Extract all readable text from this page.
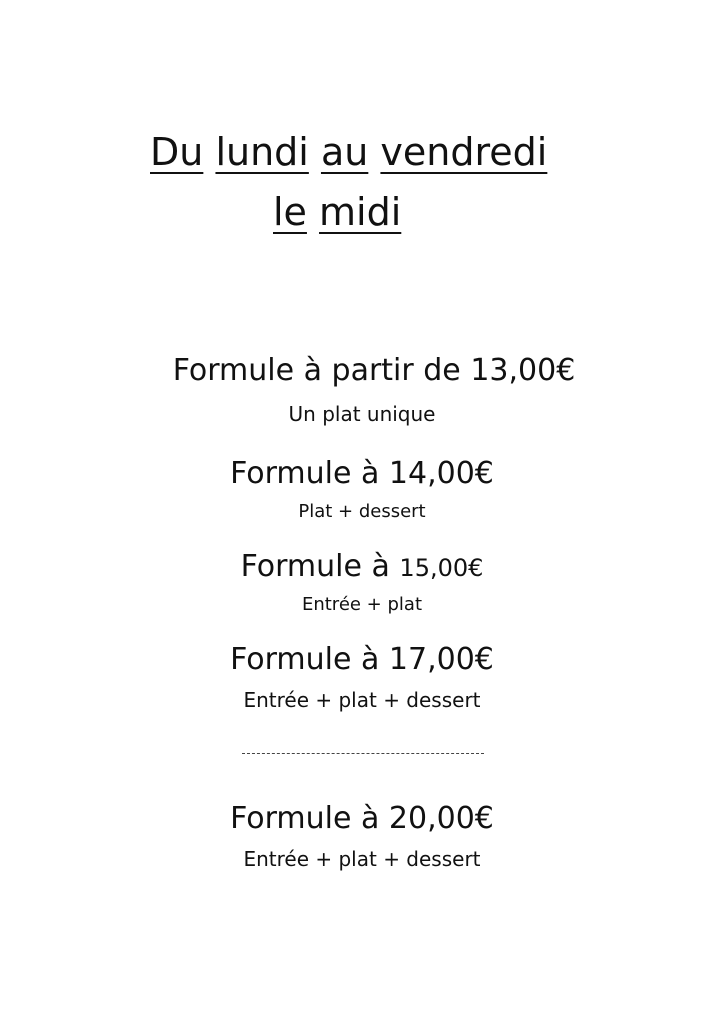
Du lundi au vendredi
le midi
Formule à partir de 13,00€
Un plat unique
Formule à 14,00€
Plat + dessert
Formule à 15,00€
Entrée + plat
Formule à 17,00€
Entrée + plat + dessert
Formule à 20,00€
Entrée + plat + dessert
